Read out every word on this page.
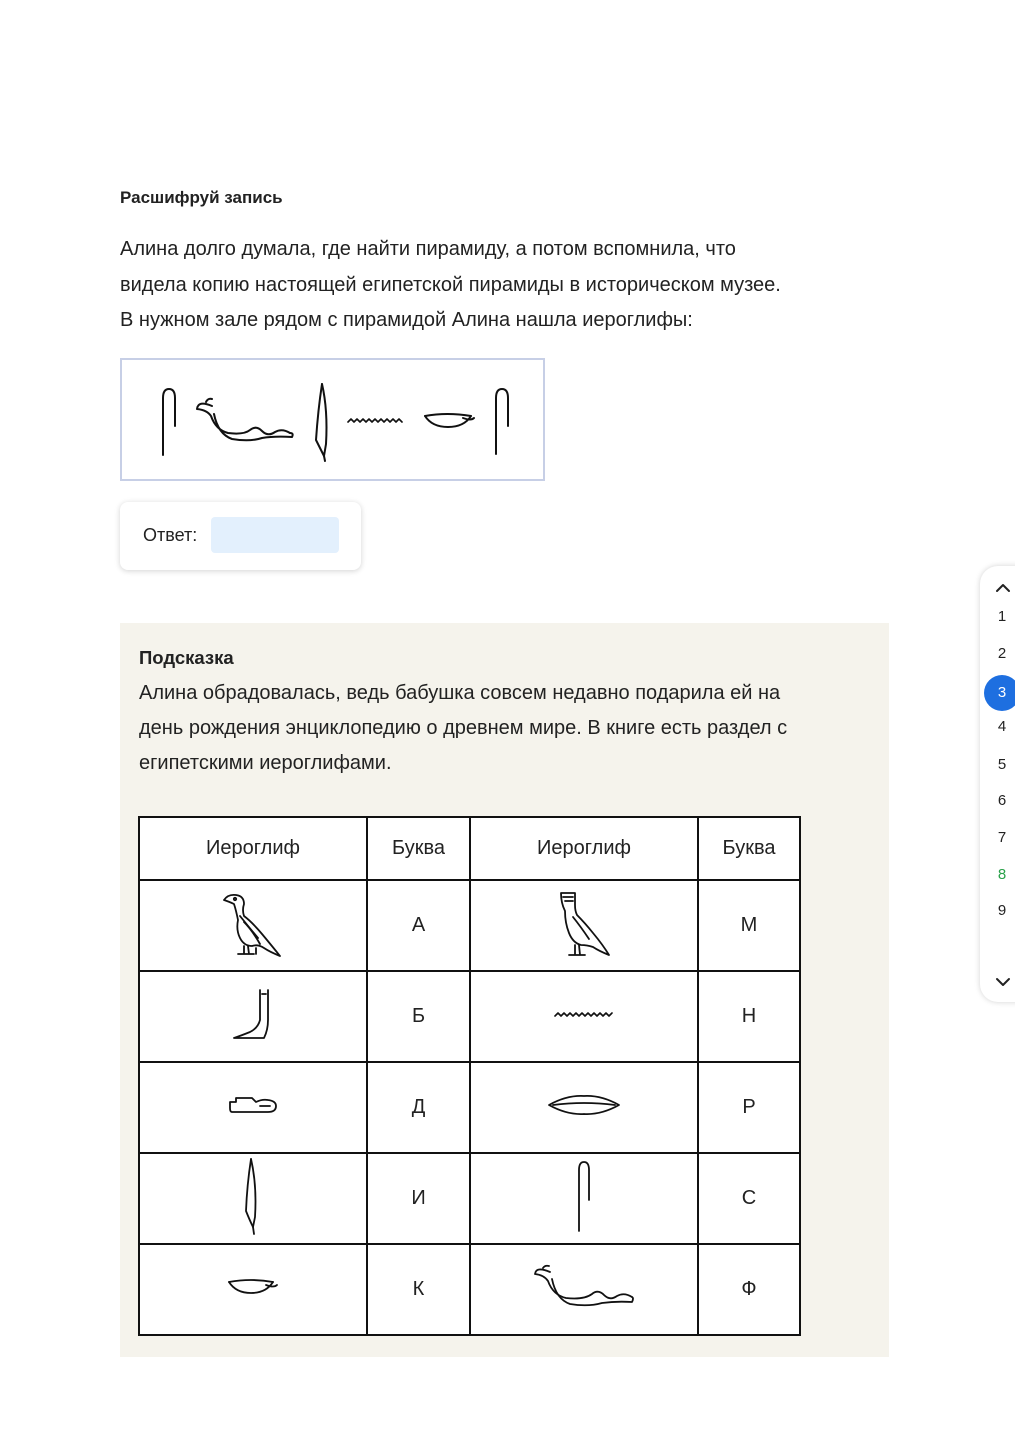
Расшифруй запись

Алина долго думала, где найти пирамиду, а потом вспомнила, что

видела копию настоящей египетской пирамиды в историческом музее.

В нужном зале рядом с пирамидой Алина нашла иероглифы:

Ответ:
Подсказка
Алина обрадовалась, ведь бабушка совсем недавно подарила ей на
день рождения энциклопедию о древнем мире. В книге есть раздел с
египетскими иероглифами.
Иероглиф	Буква	Иероглиф	Буква
	А		М
	Б		Н
	Д		Р
	И		С
	К		Ф
1
2
3
4
5
6
7
8
9
